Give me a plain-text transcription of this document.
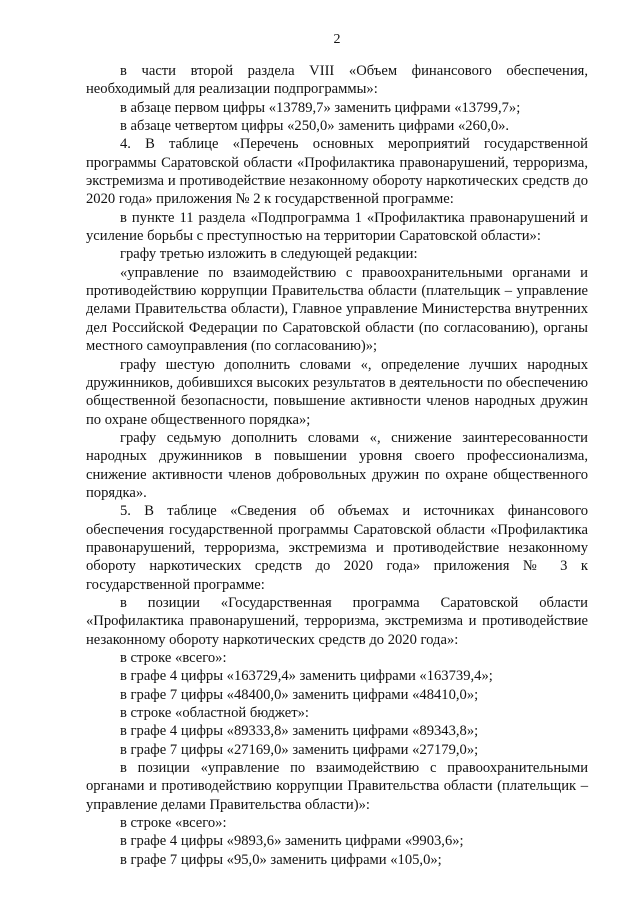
2

в части второй раздела VIII «Объем финансового обеспечения, необходимый для реализации подпрограммы»:

в абзаце первом цифры «13789,7» заменить цифрами «13799,7»;

в абзаце четвертом цифры «250,0» заменить цифрами «260,0».

4. В таблице «Перечень основных мероприятий государственной программы Саратовской области «Профилактика правонарушений, терроризма, экстремизма и противодействие незаконному обороту наркотических средств до 2020 года» приложения № 2 к государственной программе:

в пункте 11 раздела «Подпрограмма 1 «Профилактика правонарушений и усиление борьбы с преступностью на территории Саратовской области»:

графу третью изложить в следующей редакции:

«управление по взаимодействию с правоохранительными органами и противодействию коррупции Правительства области (плательщик – управление делами Правительства области), Главное управление Министерства внутренних дел Российской Федерации по Саратовской области (по согласованию), органы местного самоуправления (по согласованию)»;

графу шестую дополнить словами «, определение лучших народных дружинников, добившихся высоких результатов в деятельности по обеспечению общественной безопасности, повышение активности членов народных дружин по охране общественного порядка»;

графу седьмую дополнить словами «, снижение заинтересованности народных дружинников в повышении уровня своего профессионализма, снижение активности членов добровольных дружин по охране общественного порядка».

5. В таблице «Сведения об объемах и источниках финансового обеспечения государственной программы Саратовской области «Профилактика правонарушений, терроризма, экстремизма и противодействие незаконному обороту наркотических средств до 2020 года» приложения № 3 к государственной программе:

в позиции «Государственная программа Саратовской области «Профилактика правонарушений, терроризма, экстремизма и противодействие незаконному обороту наркотических средств до 2020 года»:

в строке «всего»:

в графе 4 цифры «163729,4» заменить цифрами «163739,4»;

в графе 7 цифры «48400,0» заменить цифрами «48410,0»;

в строке «областной бюджет»:

в графе 4 цифры «89333,8» заменить цифрами «89343,8»;

в графе 7 цифры «27169,0» заменить цифрами «27179,0»;

в позиции «управление по взаимодействию с правоохранительными органами и противодействию коррупции Правительства области (плательщик – управление делами Правительства области)»:

в строке «всего»:

в графе 4 цифры «9893,6» заменить цифрами «9903,6»;

в графе 7 цифры «95,0» заменить цифрами «105,0»;
